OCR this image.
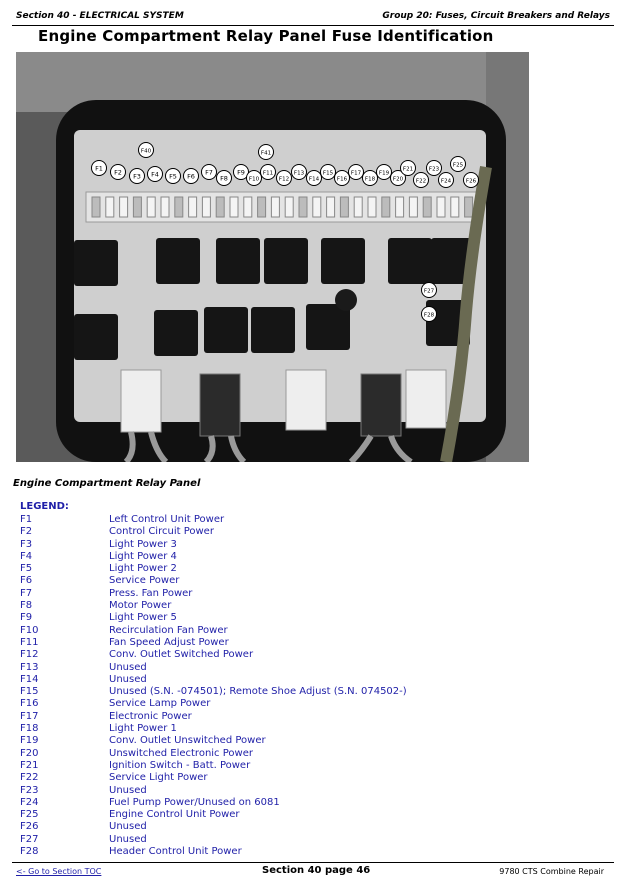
Section 40 - ELECTRICAL SYSTEM	Group 20: Fuses, Circuit Breakers and Relays
Engine Compartment Relay Panel Fuse Identification
F1 F2 F3 F4 F5 F6 F7
F8
F9
F10
F11
F12
F13
F14
F15
F16
F17
F18
F19
F20
F21
F22
F23
F24
F25
F26
F27
F28
F40	F41
Engine Compartment Relay Panel
LEGEND:
F1	Left Control Unit Power
F2	Control Circuit Power
F3	Light Power 3
F4	Light Power 4
F5	Light Power 2
F6	Service Power
F7	Press. Fan Power
F8	Motor Power
F9	Light Power 5
F10	Recirculation Fan Power
F11	Fan Speed Adjust Power
F12	Conv. Outlet Switched Power
F13	Unused
F14	Unused
F15	Unused (S.N. -074501); Remote Shoe Adjust (S.N. 074502-)
F16	Service Lamp Power
F17	Electronic Power
F18	Light Power 1
F19	Conv. Outlet Unswitched Power
F20	Unswitched Electronic Power
F21	Ignition Switch - Batt. Power
F22	Service Light Power
F23	Unused
F24	Fuel Pump Power/Unused on 6081
F25	Engine Control Unit Power
F26	Unused
F27	Unused
F28	Header Control Unit Power
<- Go to Section TOC	Section 40 page 46	9780 CTS Combine Repair
